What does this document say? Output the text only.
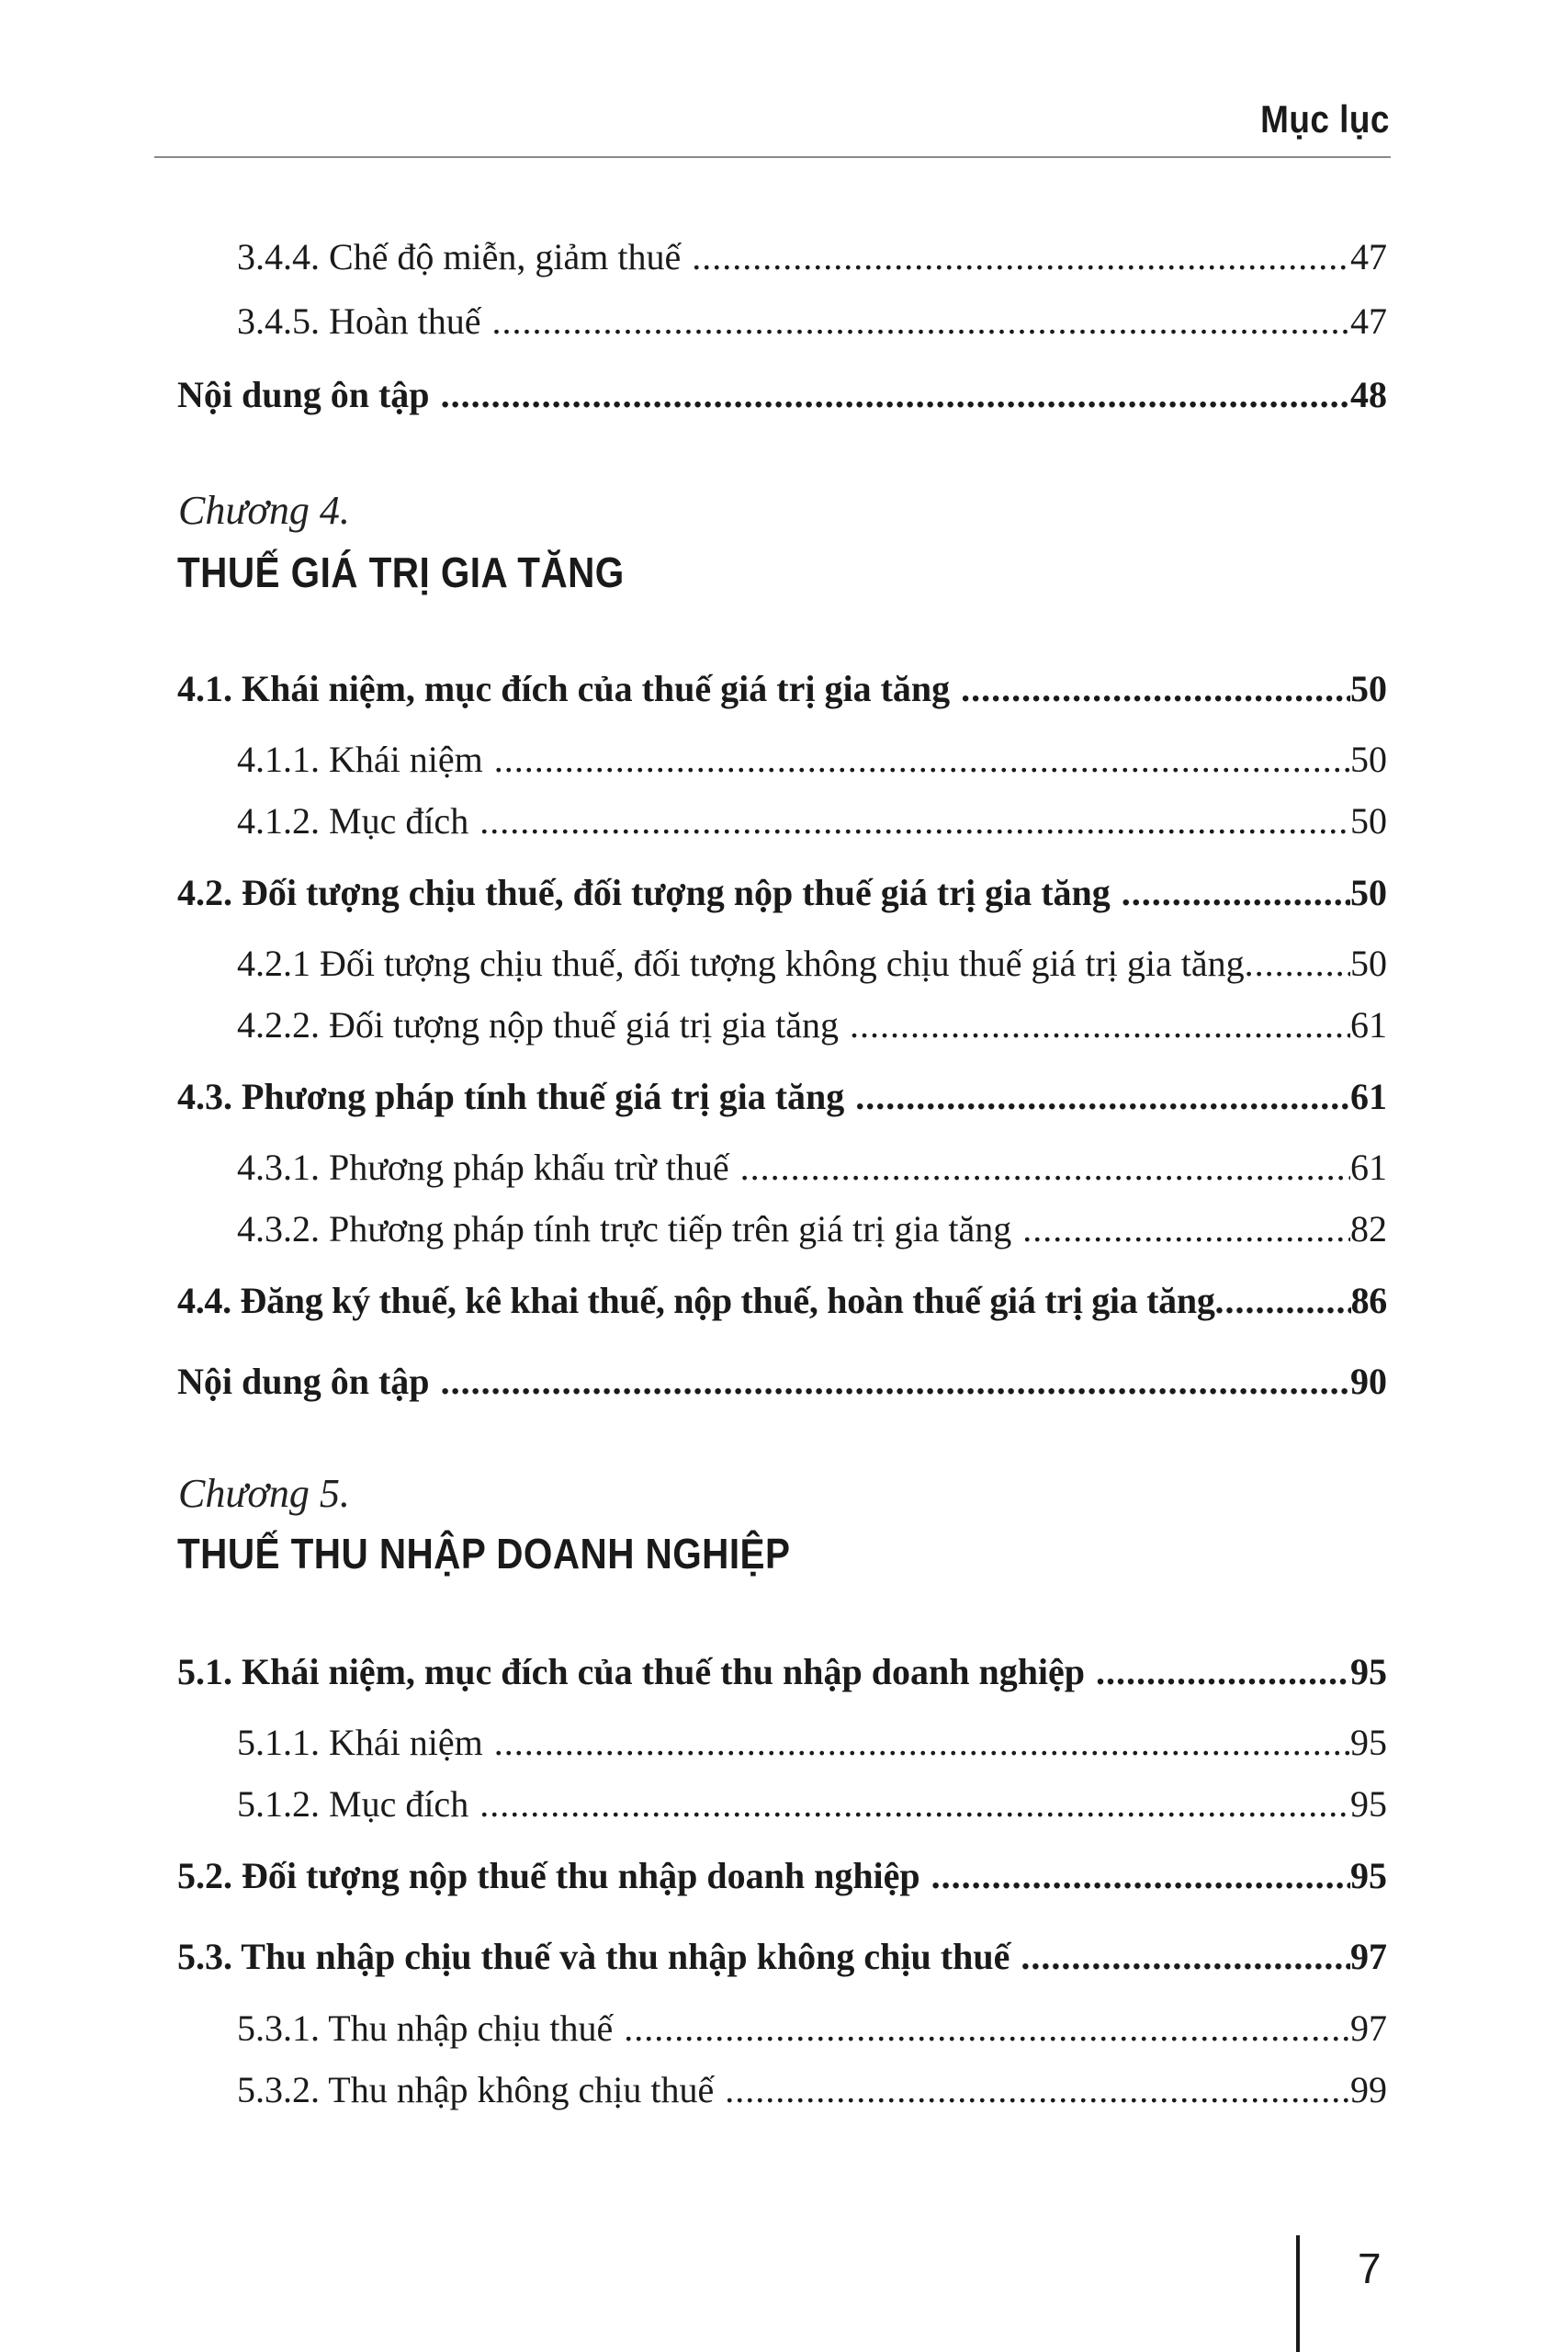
Mục lục
3.4.4. Chế độ miễn, giảm thuế .....	47
3.4.5. Hoàn thuế .....	47
Nội dung ôn tập .....	48
Chương 4.
THUẾ GIÁ TRỊ GIA TĂNG
4.1. Khái niệm, mục đích của thuế giá trị gia tăng .....	50
4.1.1. Khái niệm .....	50
4.1.2. Mục đích .....	50
4.2. Đối tượng chịu thuế, đối tượng nộp thuế giá trị gia tăng .....	50
4.2.1 Đối tượng chịu thuế, đối tượng không chịu thuế giá trị gia tăng .....	50
4.2.2. Đối tượng nộp thuế giá trị gia tăng .....	61
4.3. Phương pháp tính thuế giá trị gia tăng .....	61
4.3.1. Phương pháp khấu trừ thuế .....	61
4.3.2. Phương pháp tính trực tiếp trên giá trị gia tăng .....	82
4.4. Đăng ký thuế, kê khai thuế, nộp thuế, hoàn thuế giá trị gia tăng .....	86
Nội dung ôn tập .....	90
Chương 5.
THUẾ THU NHẬP DOANH NGHIỆP
5.1. Khái niệm, mục đích của thuế thu nhập doanh nghiệp .....	95
5.1.1. Khái niệm .....	95
5.1.2. Mục đích .....	95
5.2. Đối tượng nộp thuế thu nhập doanh nghiệp .....	95
5.3. Thu nhập chịu thuế và thu nhập không chịu thuế .....	97
5.3.1. Thu nhập chịu thuế .....	97
5.3.2. Thu nhập không chịu thuế .....	99
7
